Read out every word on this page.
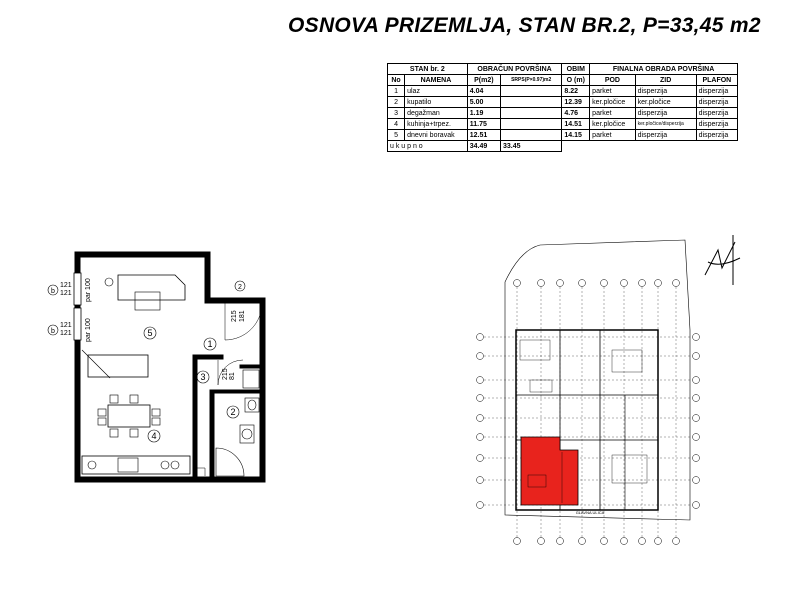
OSNOVA PRIZEMLJA, STAN BR.2, P=33,45 m2
STAN br. 2		OBRAČUN POVRŠINA		OBIM	FINALNA OBRADA POVRŠINA		
No	NAMENA	P(m2)	SRPS(P×0.97)m2	O (m)	POD	ZID	PLAFON
1	ulaz	4.04		8.22	parket	disperzija	disperzija
2	kupatilo	5.00		12.39	ker.pločice	ker.pločice	disperzija
3	degažman	1.19		4.76	parket	disperzija	disperzija
4	kuhinja+trpez.	11.75		14.51	ker.pločice	ker.pločice/disperzija	disperzija
5	dnevni boravak	12.51		14.15	parket	disperzija	disperzija
u k u p n o		34.49	33.45				
5
1
3
2
4
b
b
2
121
121
121
121
par 100
par 100
181
215
81
215
GLAVNA ULICA
